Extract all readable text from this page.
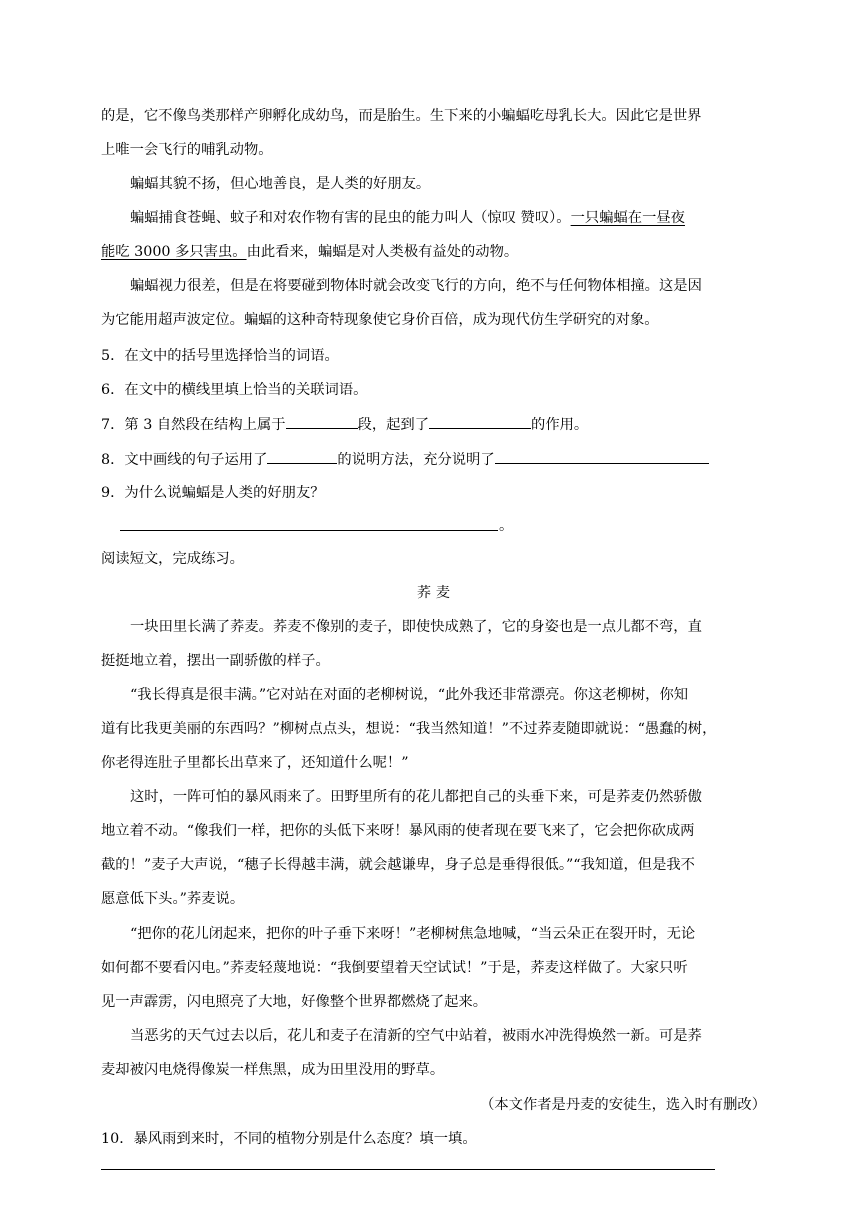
的是，它不像鸟类那样产卵孵化成幼鸟，而是胎生。生下来的小蝙蝠吃母乳长大。因此它是世界
上唯一会飞行的哺乳动物。
蝙蝠其貌不扬，但心地善良，是人类的好朋友。
蝙蝠捕食苍蝇、蚊子和对农作物有害的昆虫的能力叫人（惊叹 赞叹）。一只蝙蝠在一昼夜
能吃 3000 多只害虫。由此看来，蝙蝠是对人类极有益处的动物。
蝙蝠视力很差，但是在将要碰到物体时就会改变飞行的方向，绝不与任何物体相撞。这是因
为它能用超声波定位。蝙蝠的这种奇特现象使它身价百倍，成为现代仿生学研究的对象。
5．在文中的括号里选择恰当的词语。
6．在文中的横线里填上恰当的关联词语。
7．第 3 自然段在结构上属于	段，起到了	的作用。
8．文中画线的句子运用了	的说明方法，充分说明了
9．为什么说蝙蝠是人类的好朋友？
。
阅读短文，完成练习。
荞 麦
一块田里长满了荞麦。荞麦不像别的麦子，即使快成熟了，它的身姿也是一点儿都不弯，直
挺挺地立着，摆出一副骄傲的样子。
“我长得真是很丰满。”它对站在对面的老柳树说，“此外我还非常漂亮。你这老柳树，你知
道有比我更美丽的东西吗？”柳树点点头，想说：“我当然知道！”不过荞麦随即就说：“愚蠢的树，
你老得连肚子里都长出草来了，还知道什么呢！”
这时，一阵可怕的暴风雨来了。田野里所有的花儿都把自己的头垂下来，可是荞麦仍然骄傲
地立着不动。“像我们一样，把你的头低下来呀！暴风雨的使者现在要飞来了，它会把你砍成两
截的！”麦子大声说，“穗子长得越丰满，就会越谦卑，身子总是垂得很低。”“我知道，但是我不
愿意低下头。”荞麦说。
“把你的花儿闭起来，把你的叶子垂下来呀！”老柳树焦急地喊，“当云朵正在裂开时，无论
如何都不要看闪电。”荞麦轻蔑地说：“我倒要望着天空试试！”于是，荞麦这样做了。大家只听
见一声霹雳，闪电照亮了大地，好像整个世界都燃烧了起来。
当恶劣的天气过去以后，花儿和麦子在清新的空气中站着，被雨水冲洗得焕然一新。可是荞
麦却被闪电烧得像炭一样焦黑，成为田里没用的野草。
（本文作者是丹麦的安徒生，选入时有删改）
10．暴风雨到来时，不同的植物分别是什么态度？填一填。
